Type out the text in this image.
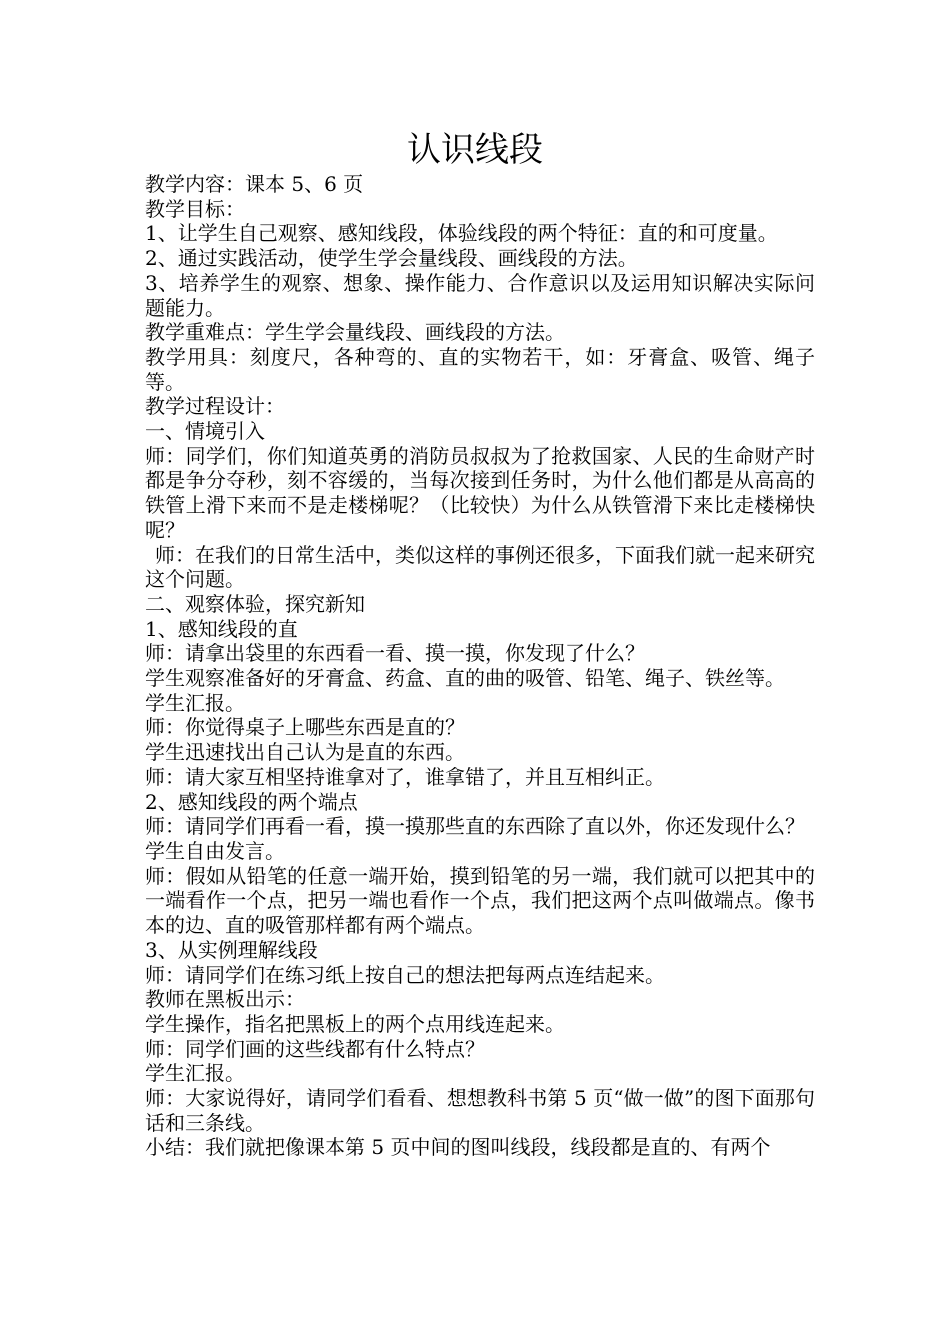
认识线段

教学内容：课本 5、6 页

教学目标：

1、让学生自己观察、感知线段，体验线段的两个特征：直的和可度量。

2、通过实践活动，使学生学会量线段、画线段的方法。

3、培养学生的观察、想象、操作能力、合作意识以及运用知识解决实际问题能力。

教学重难点：学生学会量线段、画线段的方法。

教学用具：刻度尺，各种弯的、直的实物若干，如：牙膏盒、吸管、绳子等。

教学过程设计：

一、情境引入

师：同学们，你们知道英勇的消防员叔叔为了抢救国家、人民的生命财产时都是争分夺秒，刻不容缓的，当每次接到任务时，为什么他们都是从高高的铁管上滑下来而不是走楼梯呢？（比较快）为什么从铁管滑下来比走楼梯快呢？

师：在我们的日常生活中，类似这样的事例还很多，下面我们就一起来研究这个问题。

二、观察体验，探究新知

1、感知线段的直

师：请拿出袋里的东西看一看、摸一摸，你发现了什么？

学生观察准备好的牙膏盒、药盒、直的曲的吸管、铅笔、绳子、铁丝等。

学生汇报。

师：你觉得桌子上哪些东西是直的？

学生迅速找出自己认为是直的东西。

师：请大家互相坚持谁拿对了，谁拿错了，并且互相纠正。

2、感知线段的两个端点

师：请同学们再看一看，摸一摸那些直的东西除了直以外，你还发现什么？

学生自由发言。

师：假如从铅笔的任意一端开始，摸到铅笔的另一端，我们就可以把其中的一端看作一个点，把另一端也看作一个点，我们把这两个点叫做端点。像书本的边、直的吸管那样都有两个端点。

3、从实例理解线段

师：请同学们在练习纸上按自己的想法把每两点连结起来。

教师在黑板出示：

学生操作，指名把黑板上的两个点用线连起来。

师：同学们画的这些线都有什么特点？

学生汇报。

师：大家说得好，请同学们看看、想想教科书第 5 页“做一做”的图下面那句话和三条线。

小结：我们就把像课本第 5 页中间的图叫线段，线段都是直的、有两个
